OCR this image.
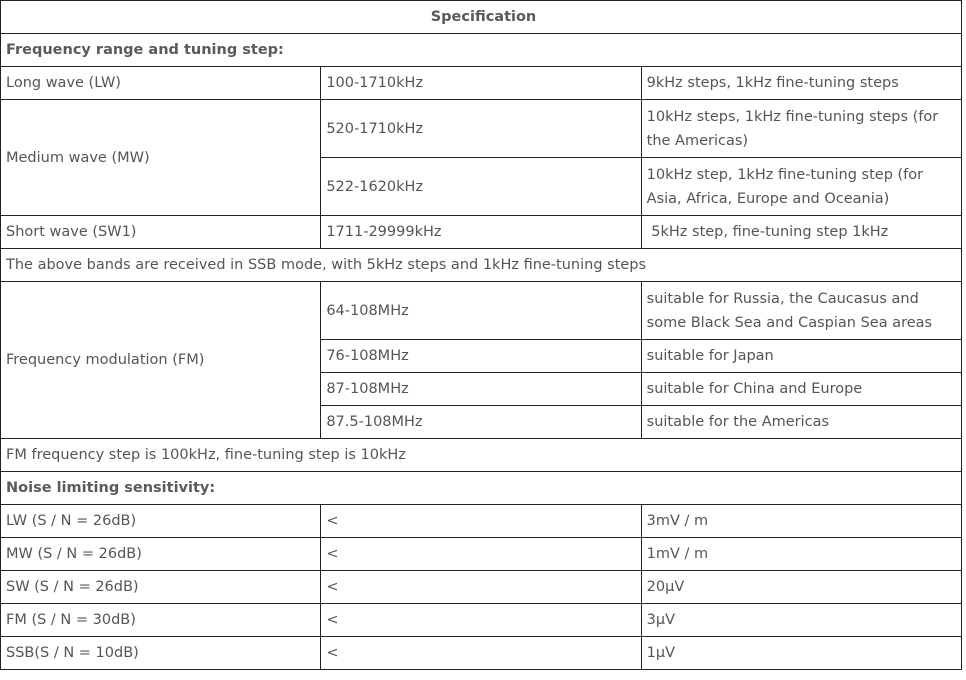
Specification		
Frequency range and tuning step:		
Long wave (LW)	100-1710kHz	9kHz steps, 1kHz fine-tuning steps
Medium wave (MW)	520-1710kHz	10kHz steps, 1kHz fine-tuning steps (for the Americas)
	522-1620kHz	10kHz step, 1kHz fine-tuning step (for Asia, Africa, Europe and Oceania)
Short wave (SW1)	1711-29999kHz	5kHz step, fine-tuning step 1kHz
The above bands are received in SSB mode, with 5kHz steps and 1kHz fine-tuning steps		
Frequency modulation (FM)	64-108MHz	suitable for Russia, the Caucasus and some Black Sea and Caspian Sea areas
	76-108MHz	suitable for Japan
	87-108MHz	suitable for China and Europe
	87.5-108MHz	suitable for the Americas
FM frequency step is 100kHz, fine-tuning step is 10kHz		
Noise limiting sensitivity:		
LW (S / N = 26dB)	<	3mV / m
MW (S / N = 26dB)	<	1mV / m
SW (S / N = 26dB)	<	20μV
FM (S / N = 30dB)	<	3μV
SSB(S / N = 10dB)	<	1μV
